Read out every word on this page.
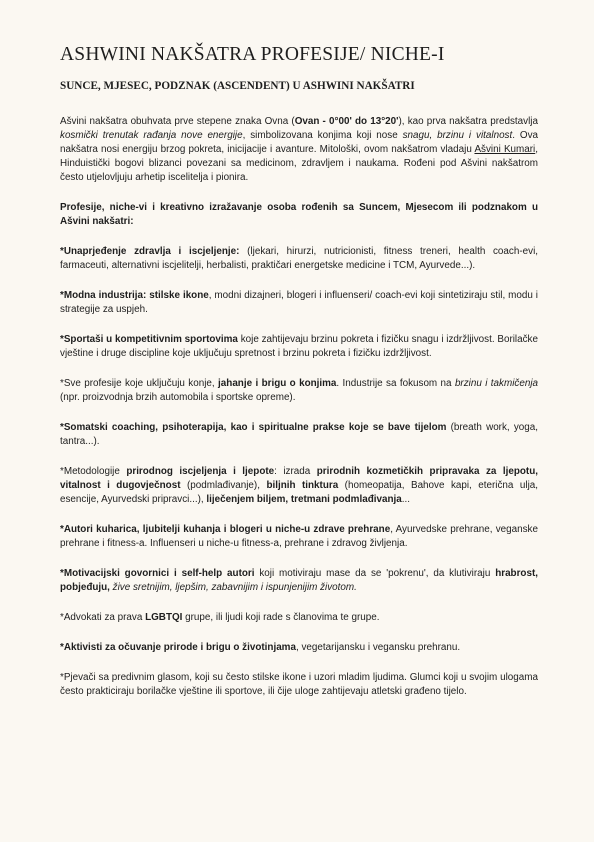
ASHWINI NAKŠATRA PROFESIJE/ NICHE-I
SUNCE, MJESEC, PODZNAK (ASCENDENT) U ASHWINI NAKŠATRI

Ašvini nakšatra obuhvata prve stepene znaka Ovna (Ovan - 0°00' do 13°20'), kao prva nakšatra predstavlja kosmički trenutak rađanja nove energije, simbolizovana konjima koji nose snagu, brzinu i vitalnost. Ova nakšatra nosi energiju brzog pokreta, inicijacije i avanture. Mitološki, ovom nakšatrom vladaju Ašvini Kumari, Hinduistički bogovi blizanci povezani sa medicinom, zdravljem i naukama. Rođeni pod Ašvini nakšatrom često utjelovljuju arhetip iscelitelja i pionira.

Profesije, niche-vi i kreativno izražavanje osoba rođenih sa Suncem, Mjesecom ili podznakom u Ašvini nakšatri:

*Unaprjeđenje zdravlja i iscjeljenje: (ljekari, hirurzi, nutricionisti, fitness treneri, health coach-evi, farmaceuti, alternativni iscjelitelji, herbalisti, praktičari energetske medicine i TCM, Ayurvede...).

*Modna industrija: stilske ikone, modni dizajneri, blogeri i influenseri/ coach-evi koji sintetiziraju stil, modu i strategije za uspjeh.

*Sportaši u kompetitivnim sportovima koje zahtijevaju brzinu pokreta i fizičku snagu i izdržljivost. Borilačke vještine i druge discipline koje uključuju spretnost i brzinu pokreta i fizičku izdržljivost.

*Sve profesije koje uključuju konje, jahanje i brigu o konjima. Industrije sa fokusom na brzinu i takmičenja (npr. proizvodnja brzih automobila i sportske opreme).

*Somatski coaching, psihoterapija, kao i spiritualne prakse koje se bave tijelom (breath work, yoga, tantra...).

*Metodologije prirodnog iscjeljenja i ljepote: izrada prirodnih kozmetičkih pripravaka za ljepotu, vitalnost i dugovječnost (podmlađivanje), biljnih tinktura (homeopatija, Bahove kapi, eterična ulja, esencije, Ayurvedski pripravci...), liječenjem biljem, tretmani podmlađivanja...

*Autori kuharica, ljubitelji kuhanja i blogeri u niche-u zdrave prehrane, Ayurvedske prehrane, veganske prehrane i fitness-a. Influenseri u niche-u fitness-a, prehrane i zdravog življenja.

*Motivacijski govornici i self-help autori koji motiviraju mase da se 'pokrenu', da klutiviraju hrabrost, pobjeđuju, žive sretnijim, ljepšim, zabavnijim i ispunjenijim životom.

*Advokati za prava LGBTQI grupe, ili ljudi koji rade s članovima te grupe.

*Aktivisti za očuvanje prirode i brigu o životinjama, vegetarijansku i vegansku prehranu.

*Pjevači sa predivnim glasom, koji su često stilske ikone i uzori mladim ljudima. Glumci koji u svojim ulogama često prakticiraju borilačke vještine ili sportove, ili čije uloge zahtijevaju atletski građeno tijelo.
